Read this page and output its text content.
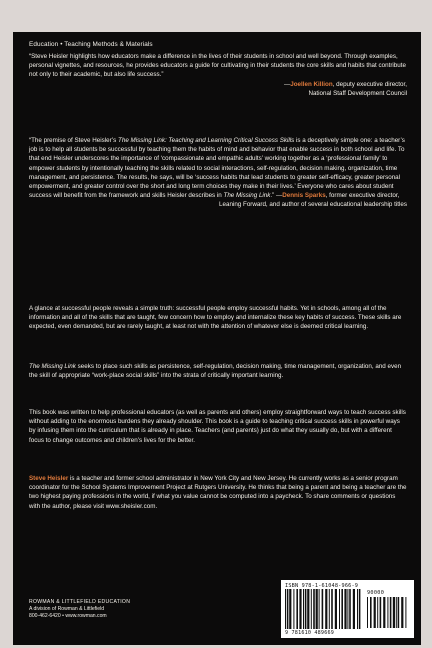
Education • Teaching Methods & Materials
“Steve Heisler highlights how educators make a difference in the lives of their students in school and well beyond. Through examples, personal vignettes, and resources, he provides educators a guide for cultivating in their students the core skills and habits that contribute not only to their academic, but also life success.”
—Joellen Killion, deputy executive director,
National Staff Development Council
“The premise of Steve Heisler’s The Missing Link: Teaching and Learning Critical Success Skills is a deceptively simple one: a teacher’s job is to help all students be successful by teaching them the habits of mind and behavior that enable success in both school and life. To that end Heisler underscores the importance of ‘compassionate and empathic adults’ working together as a ‘professional family’ to empower students by intentionally teaching the skills related to social interactions, self-regulation, decision making, organization, time management, and persistence. The results, he says, will be ‘success habits that lead students to greater self-efficacy, greater personal empowerment, and greater control over the short and long term choices they make in their lives.’ Everyone who cares about student success will benefit from the framework and skills Heisler describes in The Missing Link.” —Dennis Sparks, former executive director,
Leaning Forward, and author of several educational leadership titles
A glance at successful people reveals a simple truth: successful people employ successful habits. Yet in schools, among all of the information and all of the skills that are taught, few concern how to employ and internalize these key habits of success. These skills are expected, even demanded, but are rarely taught, at least not with the attention of whatever else is deemed critical learning.
The Missing Link seeks to place such skills as persistence, self-regulation, decision making, time management, organization, and even the skill of appropriate “work-place social skills” into the strata of critically important learning.
This book was written to help professional educators (as well as parents and others) employ straightforward ways to teach success skills without adding to the enormous burdens they already shoulder. This book is a guide to teaching critical success skills in powerful ways by infusing them into the curriculum that is already in place. Teachers (and parents) just do what they usually do, but with a different focus to change outcomes and children’s lives for the better.
Steve Heisler is a teacher and former school administrator in New York City and New Jersey. He currently works as a senior program coordinator for the School Systems Improvement Project at Rutgers University. He thinks that being a parent and being a teacher are the two highest paying professions in the world, if what you value cannot be computed into a paycheck. To share comments or questions with the author, please visit www.sheisler.com.
ROWMAN & LITTLEFIELD EDUCATION
A division of Rowman & Littlefield
800-462-6420 • www.rowman.com
ISBN 978-1-61048-966-9
90000
9 781610 489669
